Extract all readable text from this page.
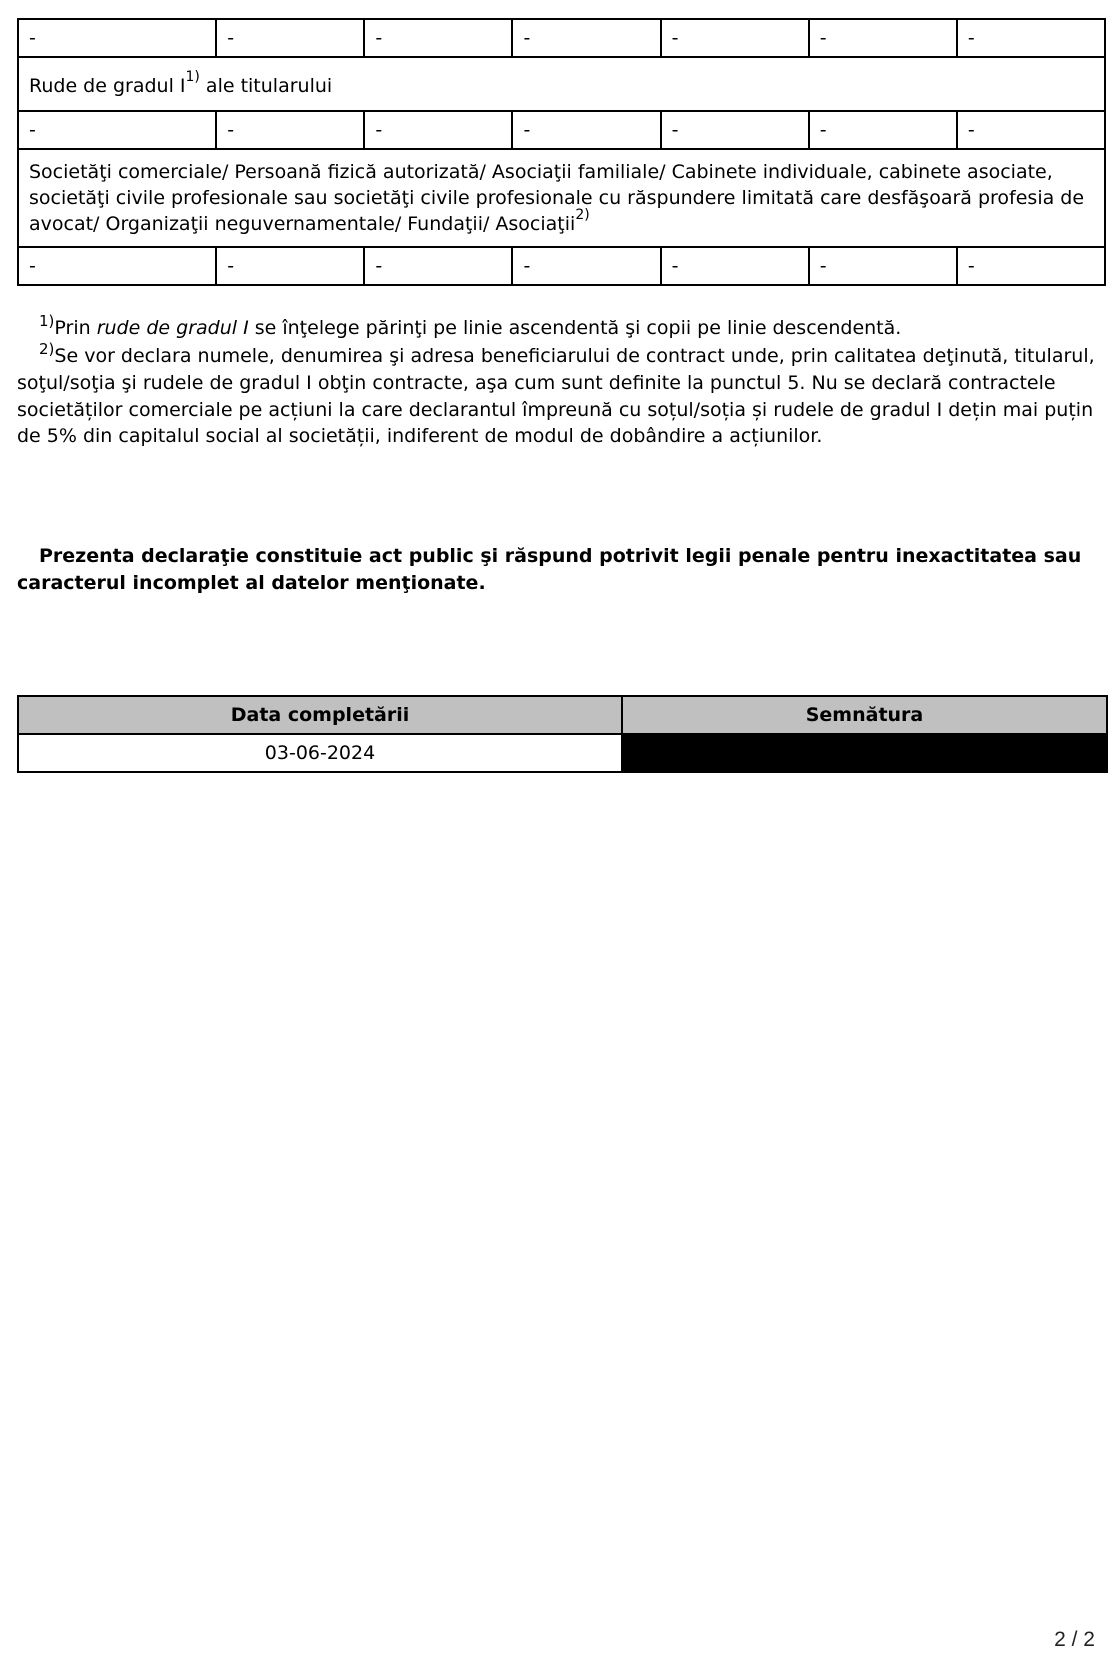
-	-	-	-	-	-	-
Rude de gradul $I^{1)}$ ale titularului						
-	-	-	-	-	-	-
Societăţi comerciale/ Persoană fizică autorizată/ Asociaţii familiale/ Cabinete individuale, cabinete asociate, societăţi civile profesionale sau societăţi civile profesionale cu răspundere limitată care desfăşoară profesia de avocat/ Organizaţii neguvernamentale/ Fundaţii/ Asociaţii$^{2)}$
-	-	-	-	-	-	-

$^{1)}$Prin rude de gradul I se înţelege părinţi pe linie ascendentă şi copii pe linie descendentă.

$^{2)}$Se vor declara numele, denumirea şi adresa beneficiarului de contract unde, prin calitatea deţinută, titularul, soţul/soţia şi rudele de gradul I obţin contracte, aşa cum sunt definite la punctul 5. Nu se declară contractele societăților comerciale pe acțiuni la care declarantul împreună cu soțul/soția și rudele de gradul I dețin mai puțin de 5% din capitalul social al societății, indiferent de modul de dobândire a acțiunilor.

Prezenta declaraţie constituie act public şi răspund potrivit legii penale pentru inexactitatea sau caracterul incomplet al datelor menţionate.
Data completării	Semnătura
03-06-2024	
2 / 2
